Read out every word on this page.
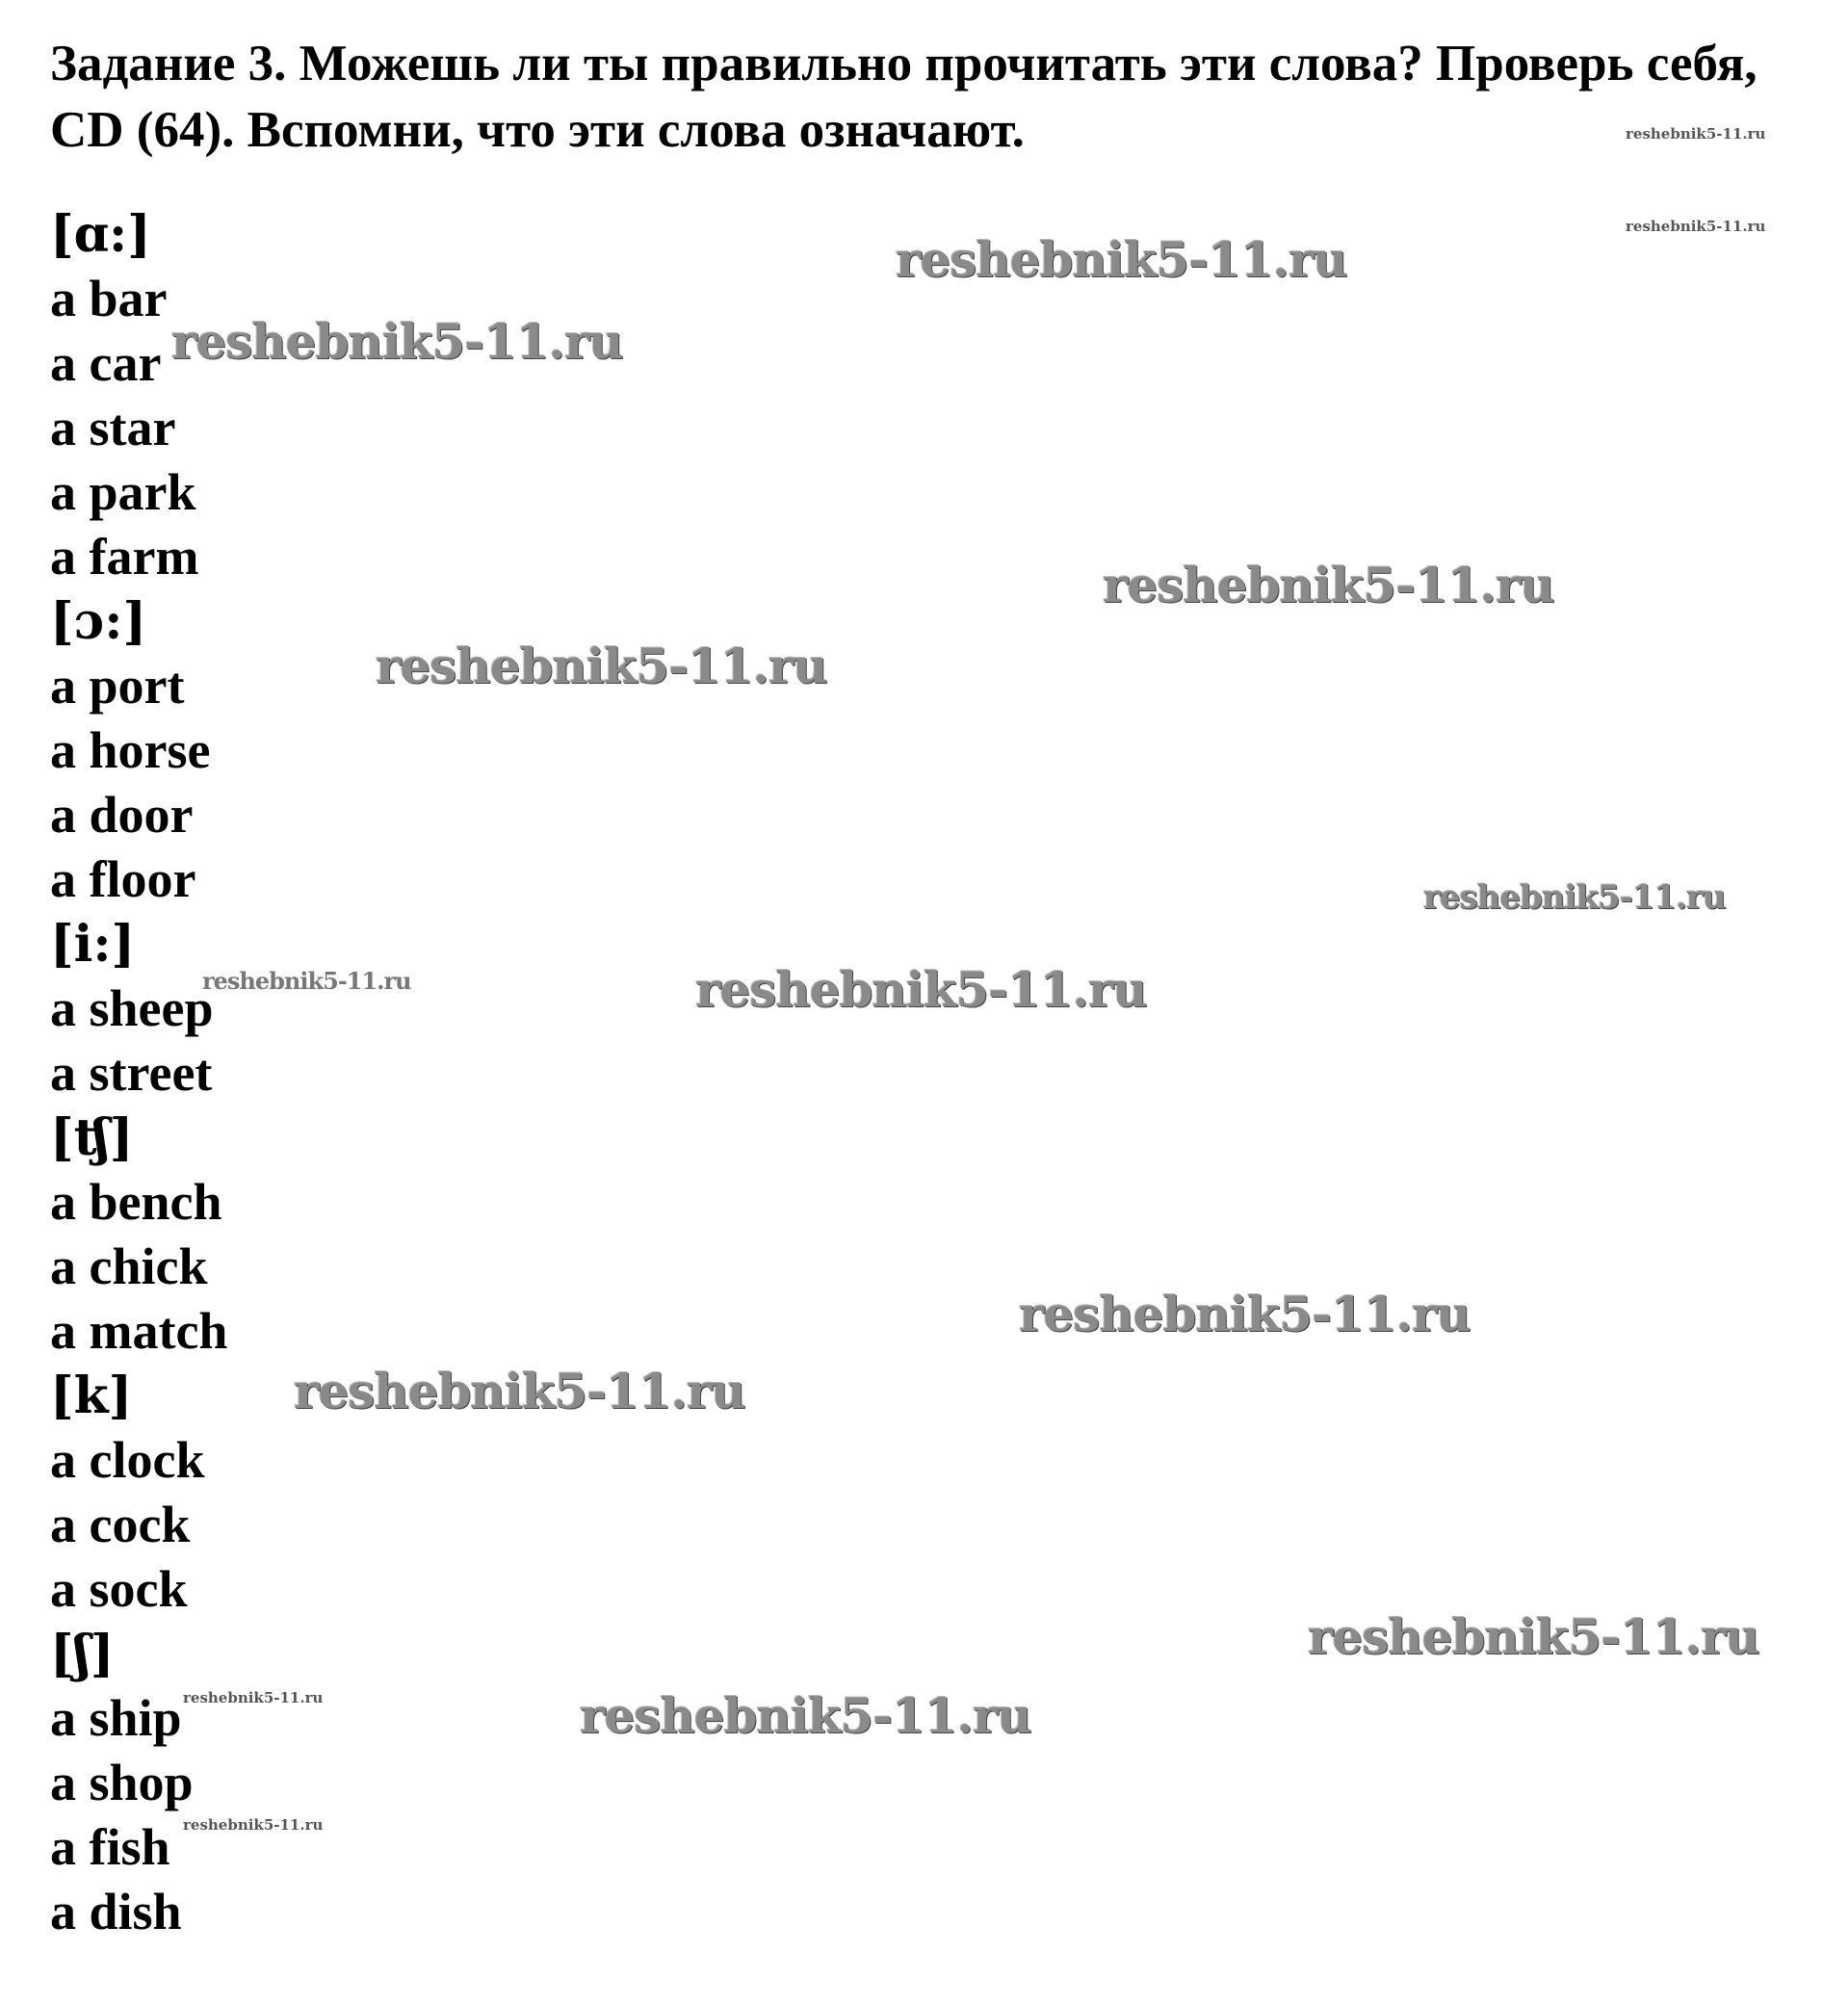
Задание 3. Можешь ли ты правильно прочитать эти слова? Проверь себя, CD (64). Вспомни, что эти слова означают.
[ɑ:]
a bar
a car
a star
a park
a farm
[ɔ:]
a port
a horse
a door
a floor
[i:]
a sheep
a street
[ʧ]
a bench
a chick
a match
[k]
a clock
a cock
a sock
[ʃ]
a ship
a shop
a fish
a dish
reshebnik5-11.ru
reshebnik5-11.ru
reshebnik5-11.ru
reshebnik5-11.ru
reshebnik5-11.ru
reshebnik5-11.ru
reshebnik5-11.ru
reshebnik5-11.ru	reshebnik5-11.ru
reshebnik5-11.ru
reshebnik5-11.ru
reshebnik5-11.ru
reshebnik5-11.ru	reshebnik5-11.ru
reshebnik5-11.ru
